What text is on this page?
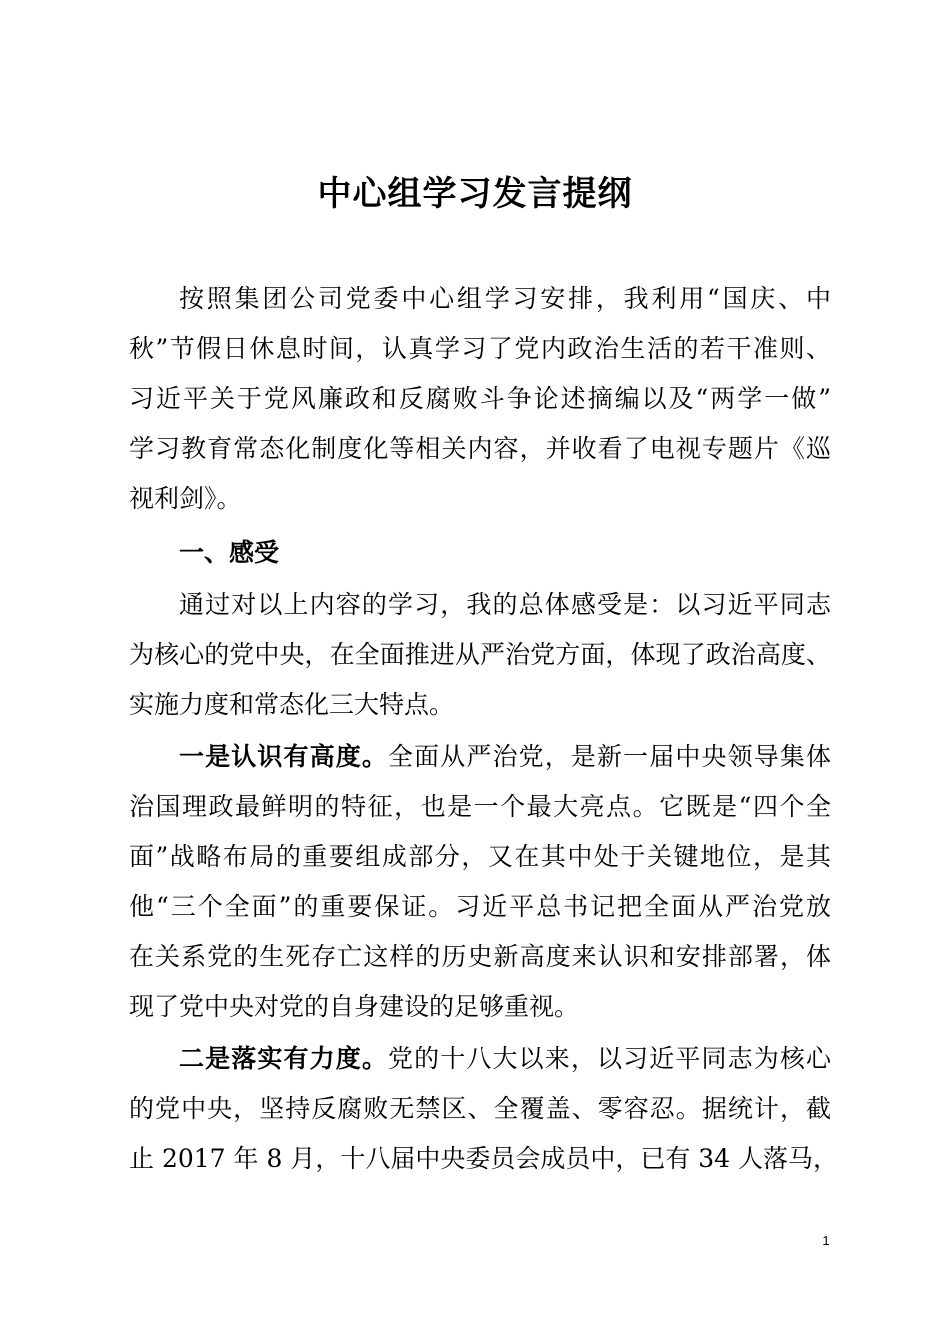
中心组学习发言提纲
按照集团公司党委中心组学习安排，我利用“国庆、中
秋”节假日休息时间，认真学习了党内政治生活的若干准则、
习近平关于党风廉政和反腐败斗争论述摘编以及“两学一做”
学习教育常态化制度化等相关内容，并收看了电视专题片《巡
视利剑》。
一、感受
通过对以上内容的学习，我的总体感受是：以习近平同志
为核心的党中央，在全面推进从严治党方面，体现了政治高度、
实施力度和常态化三大特点。
一是认识有高度。全面从严治党，是新一届中央领导集体
治国理政最鲜明的特征，也是一个最大亮点。它既是“四个全
面”战略布局的重要组成部分，又在其中处于关键地位，是其
他“三个全面”的重要保证。习近平总书记把全面从严治党放
在关系党的生死存亡这样的历史新高度来认识和安排部署，体
现了党中央对党的自身建设的足够重视。
二是落实有力度。党的十八大以来，以习近平同志为核心
的党中央，坚持反腐败无禁区、全覆盖、零容忍。据统计，截
止 2017 年 8 月，十八届中央委员会成员中，已有 34 人落马，
1
